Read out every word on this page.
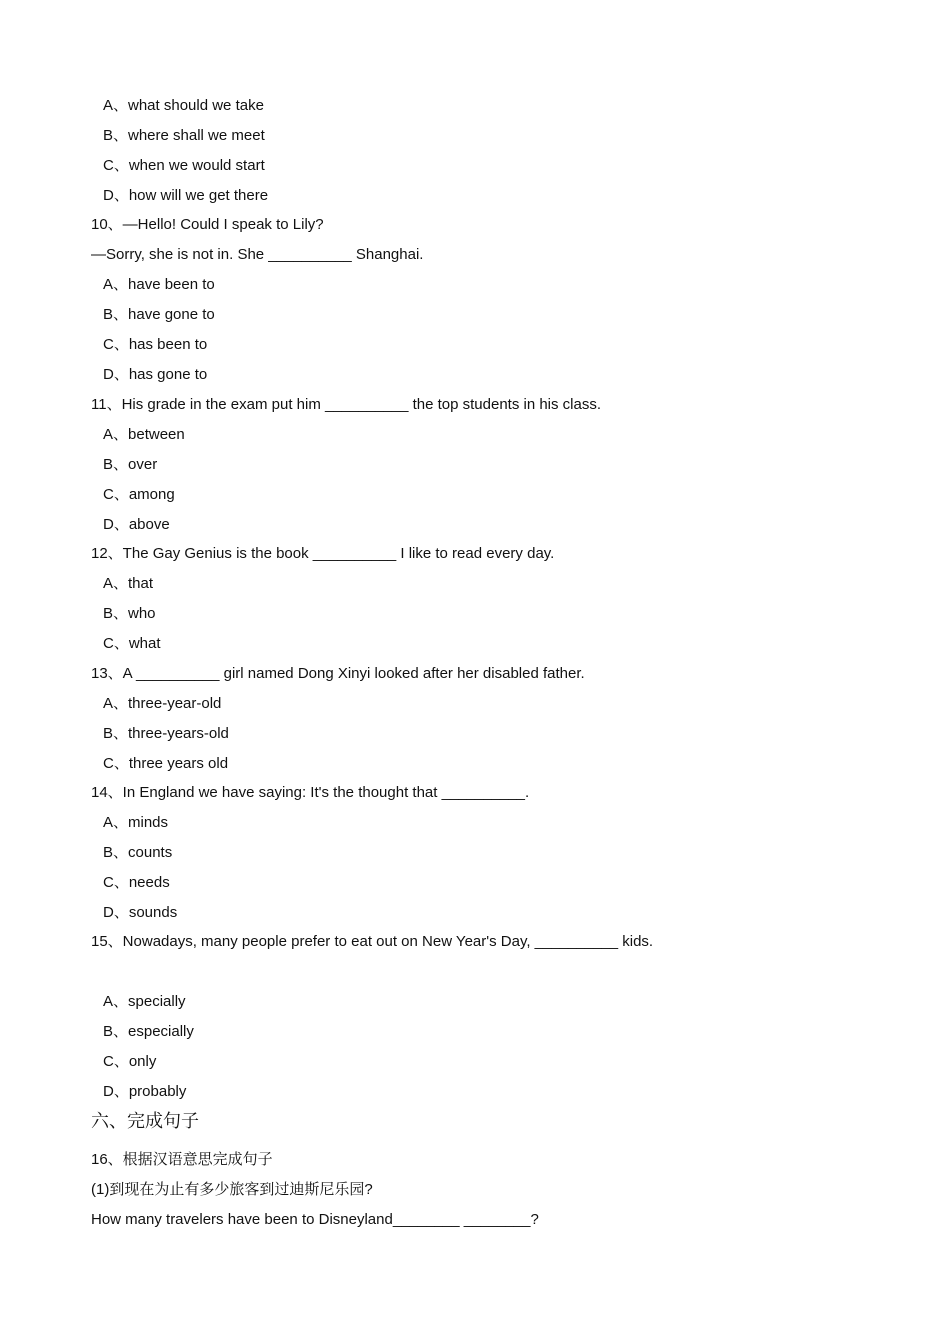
A、what should we take
B、where shall we meet
C、when we would start
D、how will we get there
10、—Hello! Could I speak to Lily?
—Sorry, she is not in. She __________ Shanghai.
A、have been to
B、have gone to
C、has been to
D、has gone to
11、His grade in the exam put him __________ the top students in his class.
A、between
B、over
C、among
D、above
12、The Gay Genius is the book __________ I like to read every day.
A、that
B、who
C、what
13、A __________ girl named Dong Xinyi looked after her disabled father.
A、three-year-old
B、three-years-old
C、three years old
14、In England we have saying: It's the thought that __________.
A、minds
B、counts
C、needs
D、sounds
15、Nowadays, many people prefer to eat out on New Year's Day, __________ kids.
A、specially
B、especially
C、only
D、probably
六、完成句子
16、根据汉语意思完成句子
(1)到现在为止有多少旅客到过迪斯尼乐园?
How many travelers have been to Disneyland________ ________?
